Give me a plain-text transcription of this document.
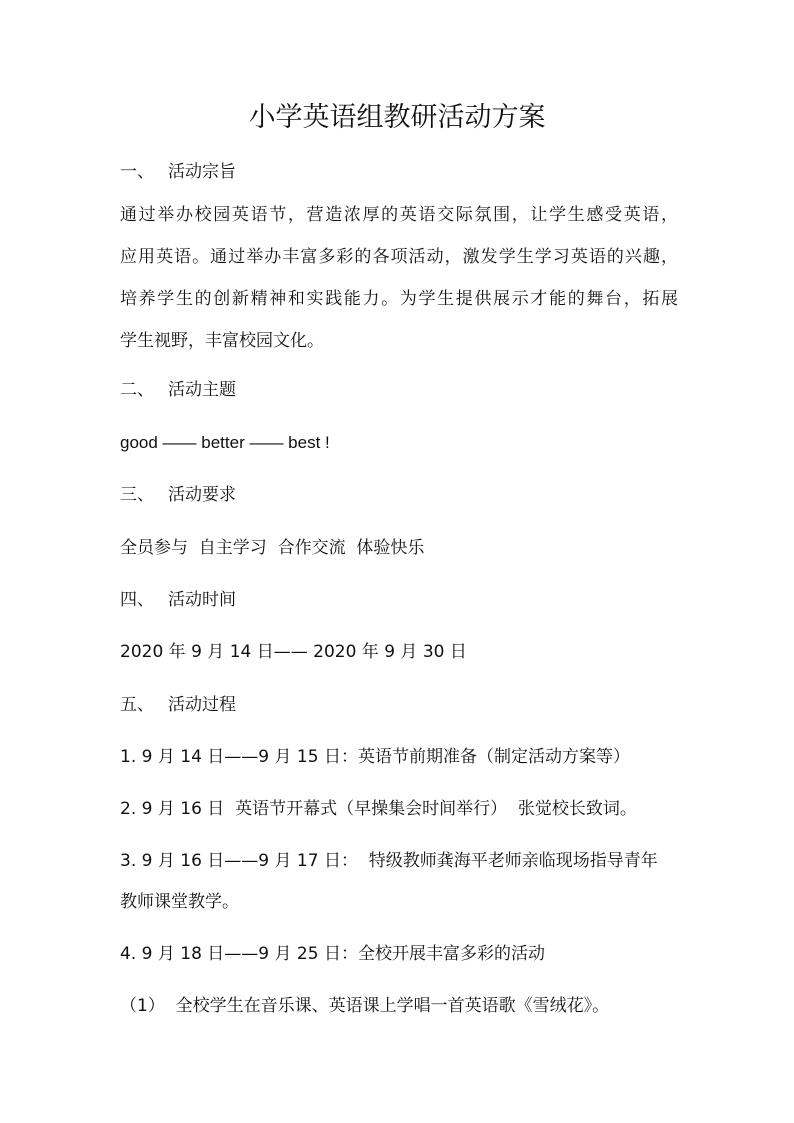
小学英语组教研活动方案
一、 活动宗旨
通过举办校园英语节，营造浓厚的英语交际氛围，让学生感受英语，
应用英语。通过举办丰富多彩的各项活动，激发学生学习英语的兴趣，
培养学生的创新精神和实践能力。为学生提供展示才能的舞台，拓展
学生视野，丰富校园文化。
二、 活动主题
good —— better —— best !
三、 活动要求
全员参与  自主学习  合作交流  体验快乐
四、 活动时间
2020 年 9 月 14 日—— 2020 年 9 月 30 日
五、 活动过程
1. 9 月 14 日——9 月 15 日：英语节前期准备（制定活动方案等）
2. 9 月 16 日  英语节开幕式（早操集会时间举行）  张觉校长致词。
3. 9 月 16 日——9 月 17 日：  特级教师龚海平老师亲临现场指导青年
教师课堂教学。
4. 9 月 18 日——9 月 25 日：全校开展丰富多彩的活动
（1）  全校学生在音乐课、英语课上学唱一首英语歌《雪绒花》。
